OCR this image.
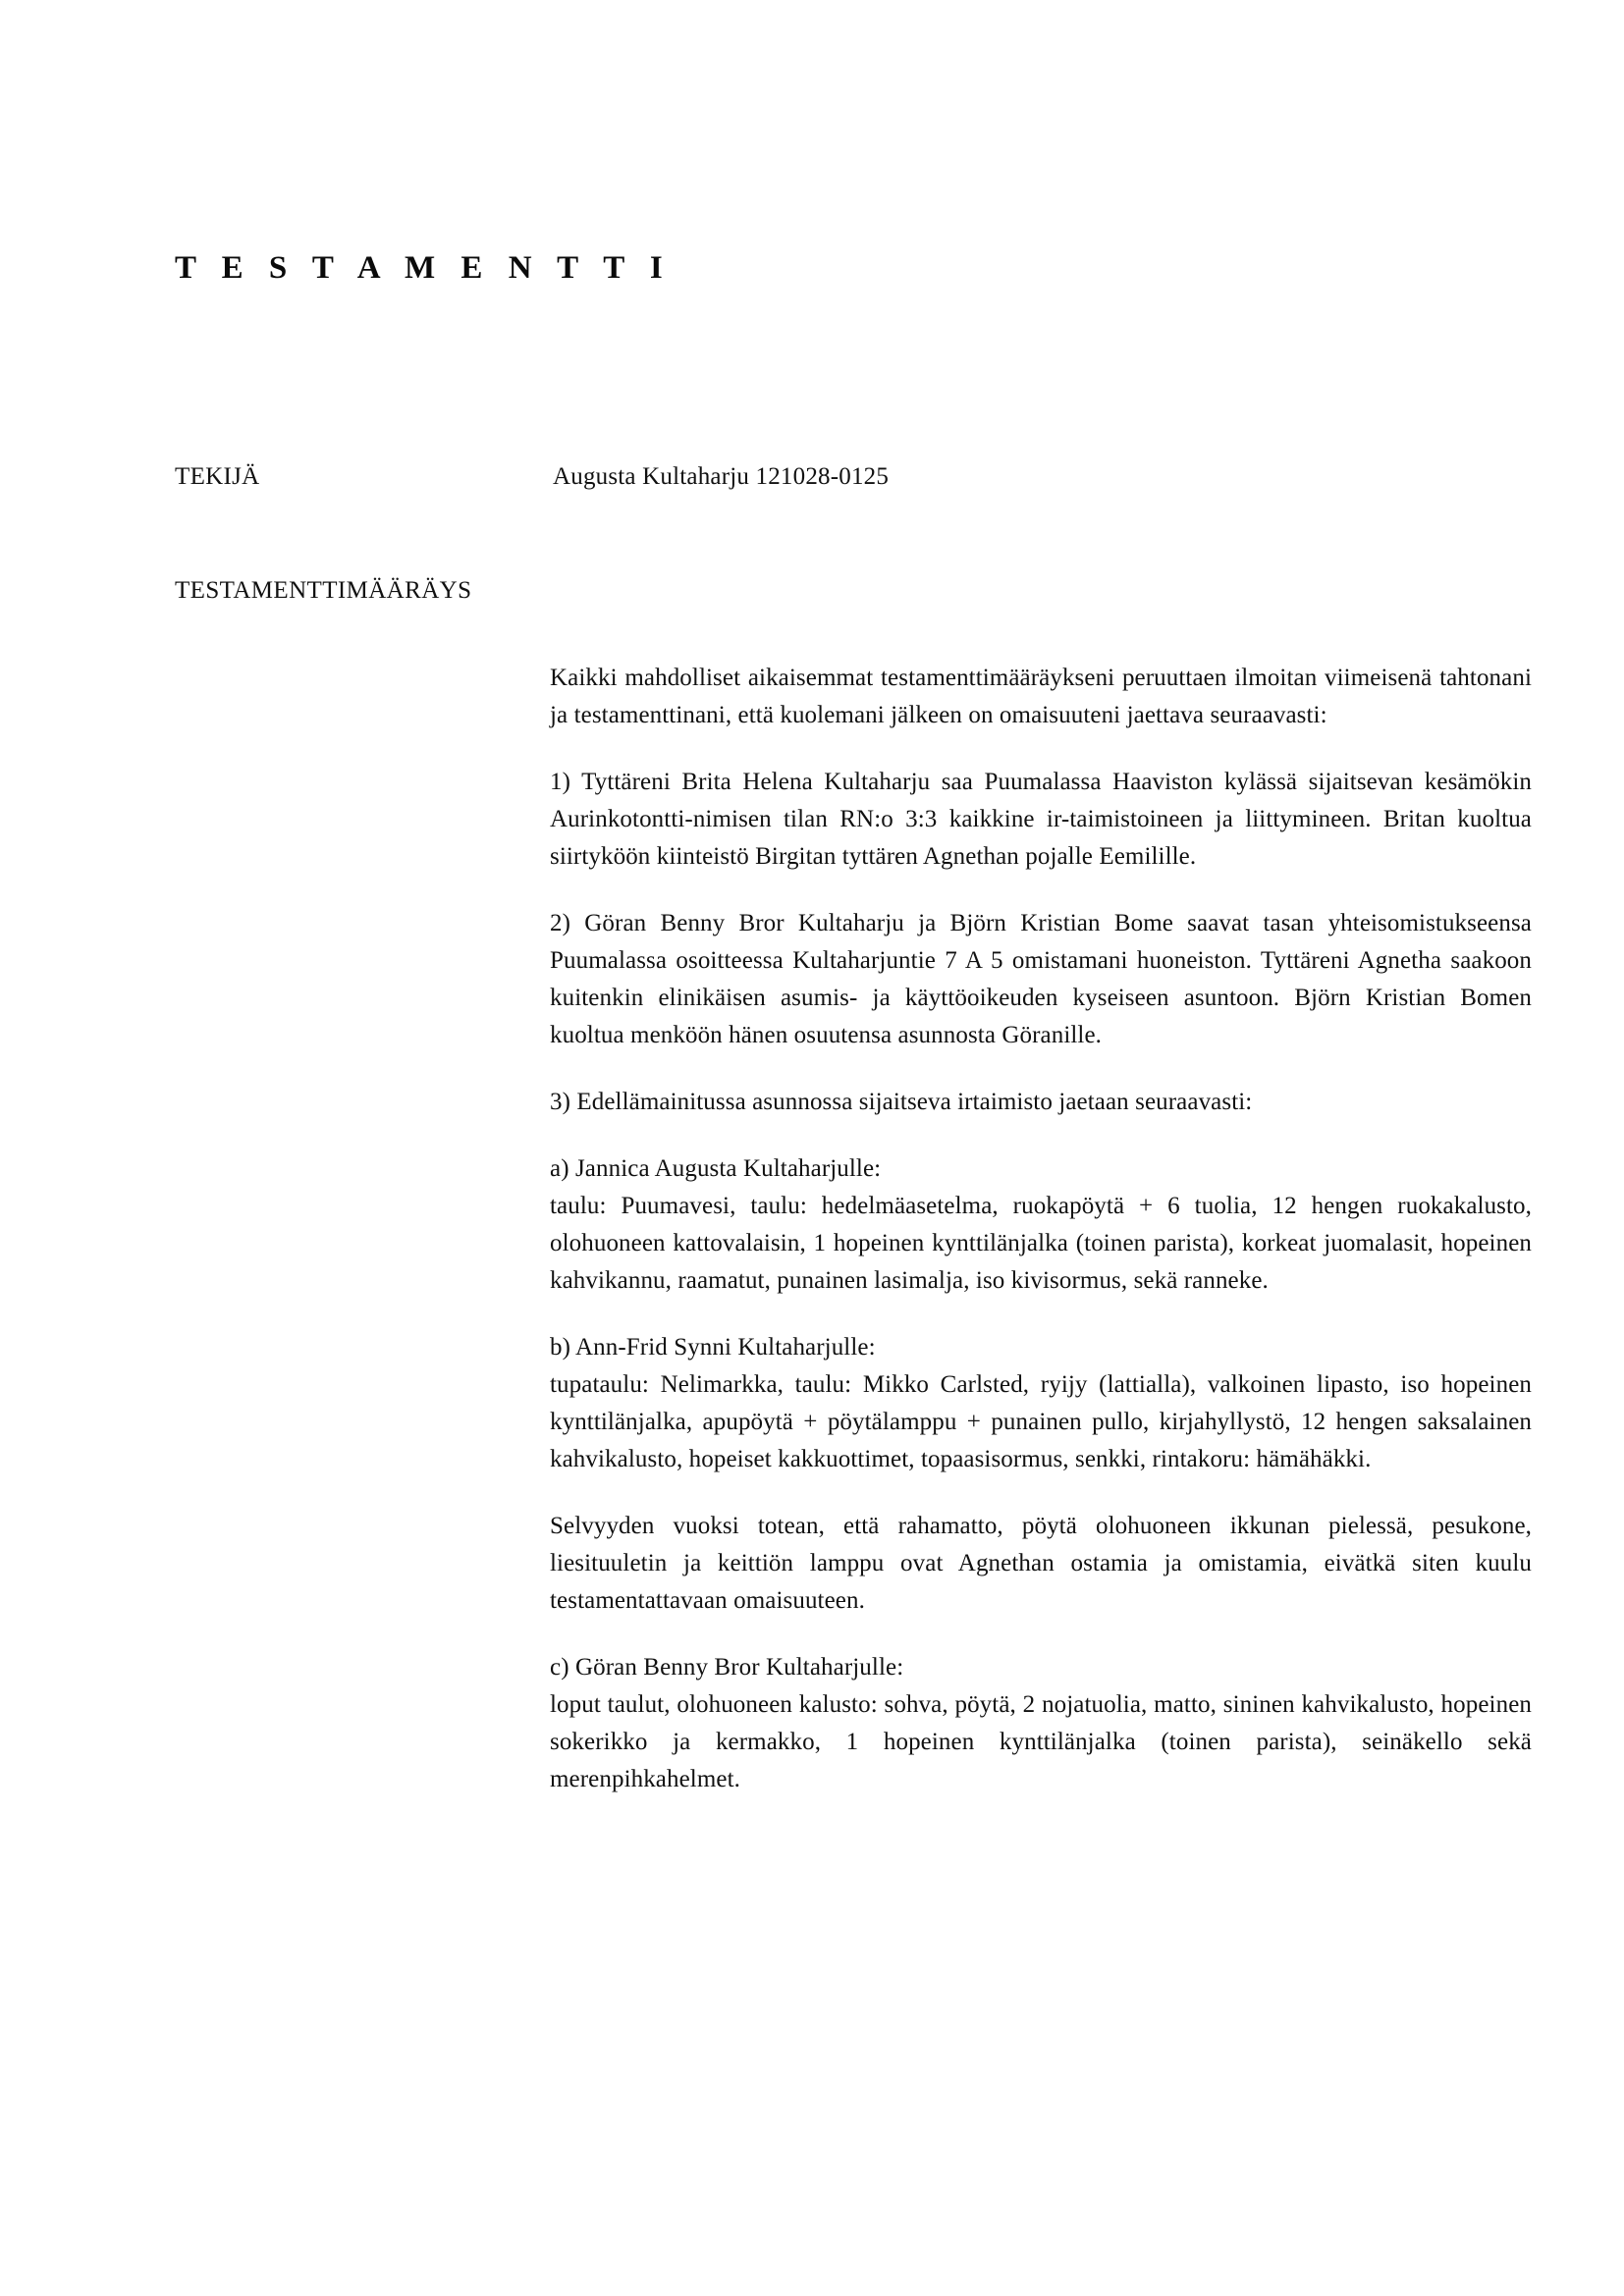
T E S T A M E N T T I
TEKIJÄ	Augusta Kultaharju 121028-0125
TESTAMENTTIMÄÄRÄYS

Kaikki mahdolliset aikaisemmat testamenttimääräykseni peruuttaen ilmoitan viimeisenä tahtonani ja testamenttinani, että kuolemani jälkeen on omaisuuteni jaettava seuraavasti:

1) Tyttäreni Brita Helena Kultaharju saa Puumalassa Haaviston kylässä sijaitsevan kesämökin Aurinkotontti-nimisen tilan RN:o 3:3 kaikkine ir-taimistoineen ja liittymineen. Britan kuoltua siirtyköön kiinteistö Birgitan tyttären Agnethan pojalle Eemilille.

2) Göran Benny Bror Kultaharju ja Björn Kristian Bome saavat tasan yhteisomistukseensa Puumalassa osoitteessa Kultaharjuntie 7 A 5 omistamani huoneiston. Tyttäreni Agnetha saakoon kuitenkin elinikäisen asumis- ja käyttöoikeuden kyseiseen asuntoon. Björn Kristian Bomen kuoltua menköön hänen osuutensa asunnosta Göranille.

3) Edellämainitussa asunnossa sijaitseva irtaimisto jaetaan seuraavasti:

a) Jannica Augusta Kultaharjulle:

taulu: Puumavesi, taulu: hedelmäasetelma, ruokapöytä + 6 tuolia, 12 hengen ruokakalusto, olohuoneen kattovalaisin, 1 hopeinen kynttilänjalka (toinen parista), korkeat juomalasit, hopeinen kahvikannu, raamatut, punainen lasimalja, iso kivisormus, sekä ranneke.

b) Ann-Frid Synni Kultaharjulle:

tupataulu: Nelimarkka, taulu: Mikko Carlsted, ryijy (lattialla), valkoinen lipasto, iso hopeinen kynttilänjalka, apupöytä + pöytälamppu + punainen pullo, kirjahyllystö, 12 hengen saksalainen kahvikalusto, hopeiset kakkuottimet, topaasisormus, senkki, rintakoru: hämähäkki.

Selvyyden vuoksi totean, että rahamatto, pöytä olohuoneen ikkunan pielessä, pesukone, liesituuletin ja keittiön lamppu ovat Agnethan ostamia ja omistamia, eivätkä siten kuulu testamentattavaan omaisuuteen.

c) Göran Benny Bror Kultaharjulle:

loput taulut, olohuoneen kalusto: sohva, pöytä, 2 nojatuolia, matto, sininen kahvikalusto, hopeinen sokerikko ja kermakko, 1 hopeinen kynttilänjalka (toinen parista), seinäkello sekä merenpihkahelmet.
